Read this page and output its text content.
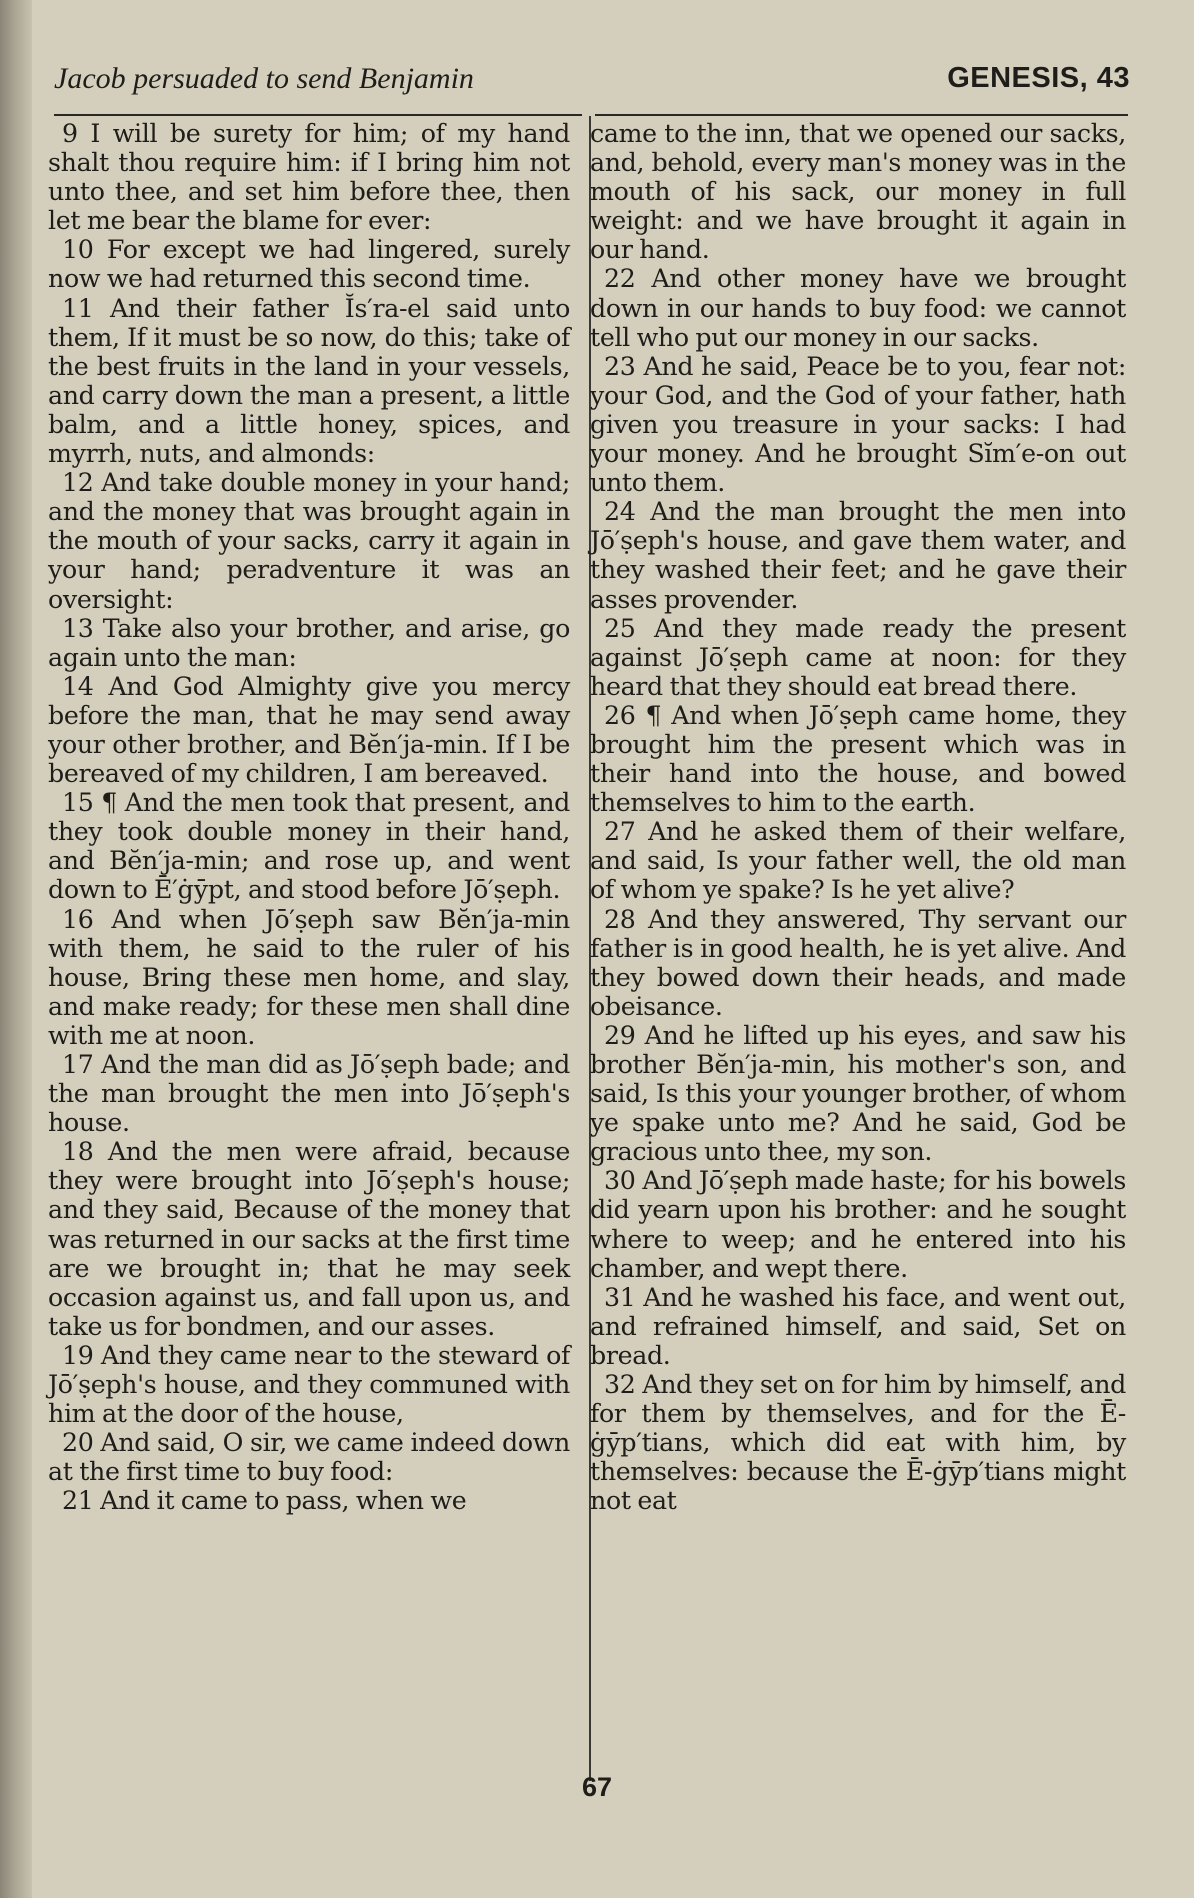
Jacob persuaded to send Benjamin	GENESIS, 43

9 I will be surety for him; of my hand shalt thou require him: if I bring him not unto thee, and set him before thee, then let me bear the blame for ever:

10 For except we had lingered, surely now we had returned this second time.

11 And their father Ĭs′ra-el said unto them, If it must be so now, do this; take of the best fruits in the land in your vessels, and carry down the man a present, a little balm, and a little honey, spices, and myrrh, nuts, and almonds:

12 And take double money in your hand; and the money that was brought again in the mouth of your sacks, carry it again in your hand; peradventure it was an oversight:

13 Take also your brother, and arise, go again unto the man:

14 And God Almighty give you mercy before the man, that he may send away your other brother, and Bĕn′ja-min. If I be bereaved of my children, I am bereaved.

15 ¶ And the men took that present, and they took double money in their hand, and Bĕn′ja-min; and rose up, and went down to Ē′ġӯpt, and stood before Jō′ṣeph.

16 And when Jō′ṣeph saw Bĕn′ja-min with them, he said to the ruler of his house, Bring these men home, and slay, and make ready; for these men shall dine with me at noon.

17 And the man did as Jō′ṣeph bade; and the man brought the men into Jō′ṣeph's house.

18 And the men were afraid, because they were brought into Jō′ṣeph's house; and they said, Because of the money that was returned in our sacks at the first time are we brought in; that he may seek occasion against us, and fall upon us, and take us for bondmen, and our asses.

19 And they came near to the steward of Jō′ṣeph's house, and they communed with him at the door of the house,

20 And said, O sir, we came indeed down at the first time to buy food:

21 And it came to pass, when we

came to the inn, that we opened our sacks, and, behold, every man's money was in the mouth of his sack, our money in full weight: and we have brought it again in our hand.

22 And other money have we brought down in our hands to buy food: we cannot tell who put our money in our sacks.

23 And he said, Peace be to you, fear not: your God, and the God of your father, hath given you treasure in your sacks: I had your money. And he brought Sĭm′e-on out unto them.

24 And the man brought the men into Jō′ṣeph's house, and gave them water, and they washed their feet; and he gave their asses provender.

25 And they made ready the present against Jō′ṣeph came at noon: for they heard that they should eat bread there.

26 ¶ And when Jō′ṣeph came home, they brought him the present which was in their hand into the house, and bowed themselves to him to the earth.

27 And he asked them of their welfare, and said, Is your father well, the old man of whom ye spake? Is he yet alive?

28 And they answered, Thy servant our father is in good health, he is yet alive. And they bowed down their heads, and made obeisance.

29 And he lifted up his eyes, and saw his brother Bĕn′ja-min, his mother's son, and said, Is this your younger brother, of whom ye spake unto me? And he said, God be gracious unto thee, my son.

30 And Jō′ṣeph made haste; for his bowels did yearn upon his brother: and he sought where to weep; and he entered into his chamber, and wept there.

31 And he washed his face, and went out, and refrained himself, and said, Set on bread.

32 And they set on for him by himself, and for them by themselves, and for the Ē-ġӯp′tians, which did eat with him, by themselves: because the Ē-ġӯp′tians might not eat

67
